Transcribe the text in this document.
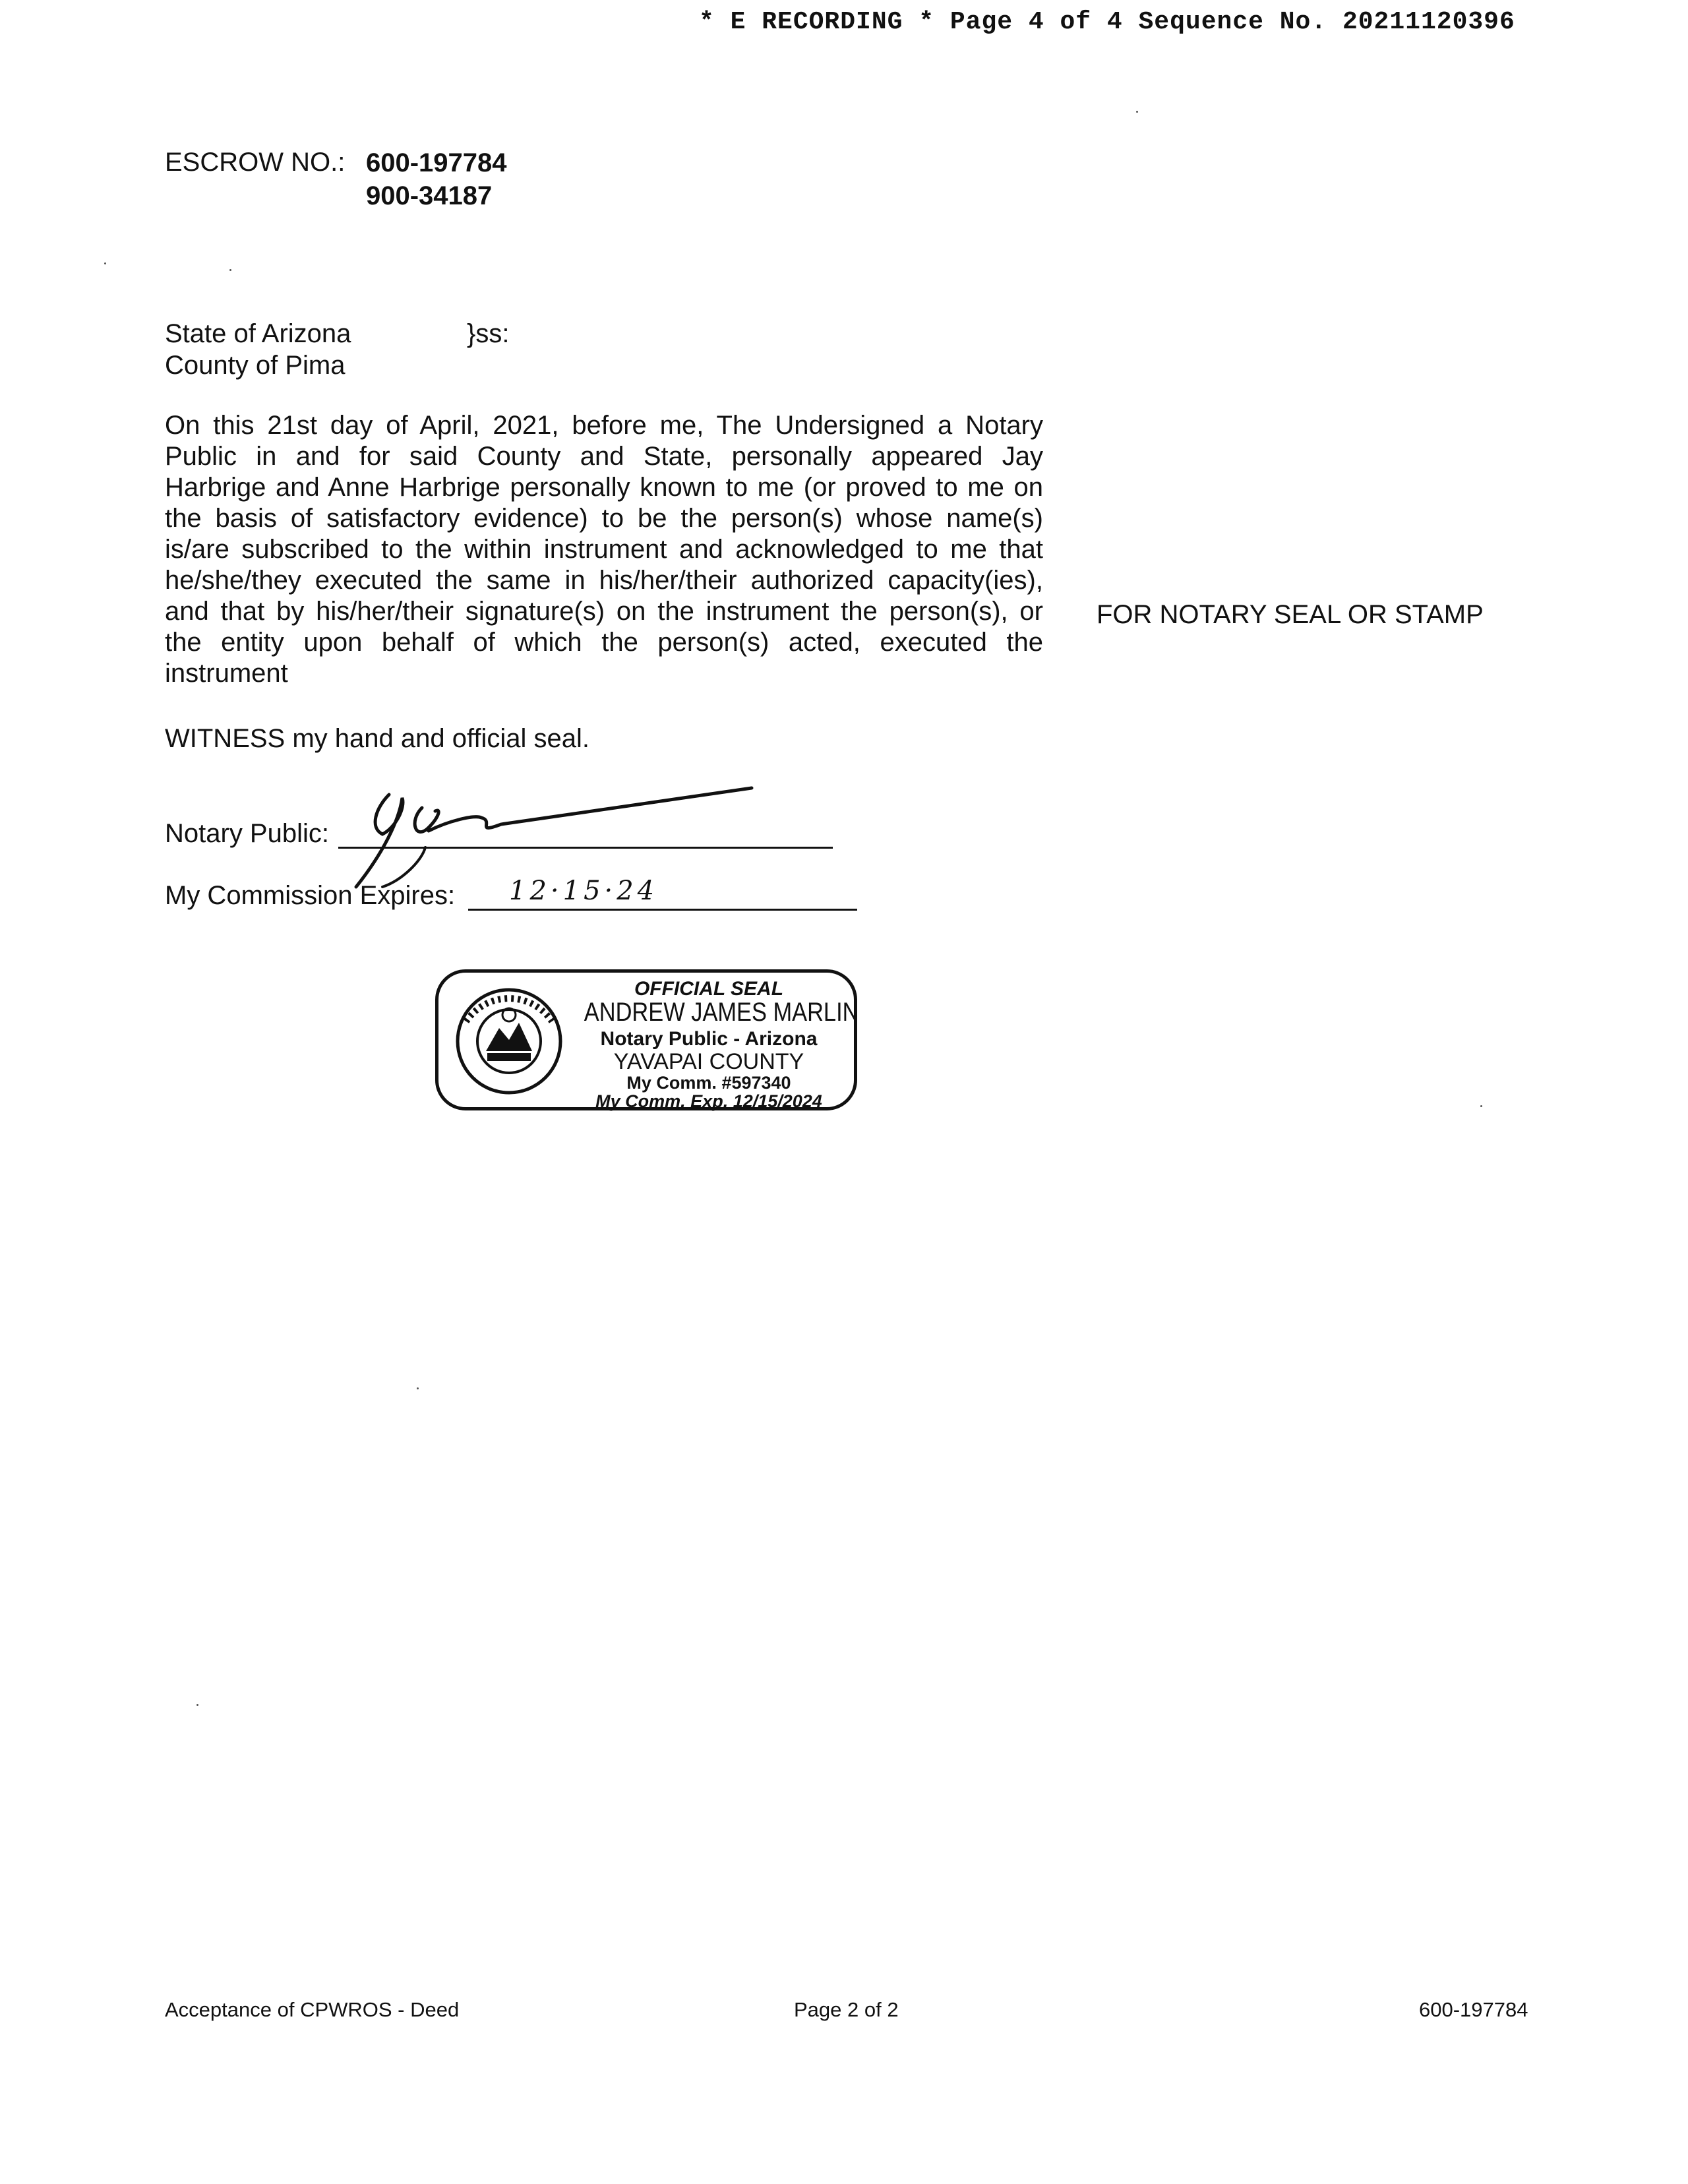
* E RECORDING * Page 4 of 4 Sequence No. 20211120396
ESCROW NO.: 600-197784
900-34187
State of Arizona
County of Pima
}ss:
On this 21st day of April, 2021, before me, The Undersigned a Notary
Public in and for said County and State, personally appeared Jay
Harbrige and Anne Harbrige personally known to me (or proved to me on
the basis of satisfactory evidence) to be the person(s) whose name(s)
is/are subscribed to the within instrument and acknowledged to me that
he/she/they executed the same in his/her/their authorized capacity(ies),
and that by his/her/their signature(s) on the instrument the person(s), or
the entity upon behalf of which the person(s) acted, executed the
instrument
FOR NOTARY SEAL OR STAMP
WITNESS my hand and official seal.
Notary Public:
My Commission Expires: 12·15·24
OFFICIAL SEAL
ANDREW JAMES MARLIN
Notary Public - Arizona
YAVAPAI COUNTY
My Comm. #597340
My Comm. Exp. 12/15/2024
Acceptance of CPWROS - Deed	Page 2 of 2	600-197784
